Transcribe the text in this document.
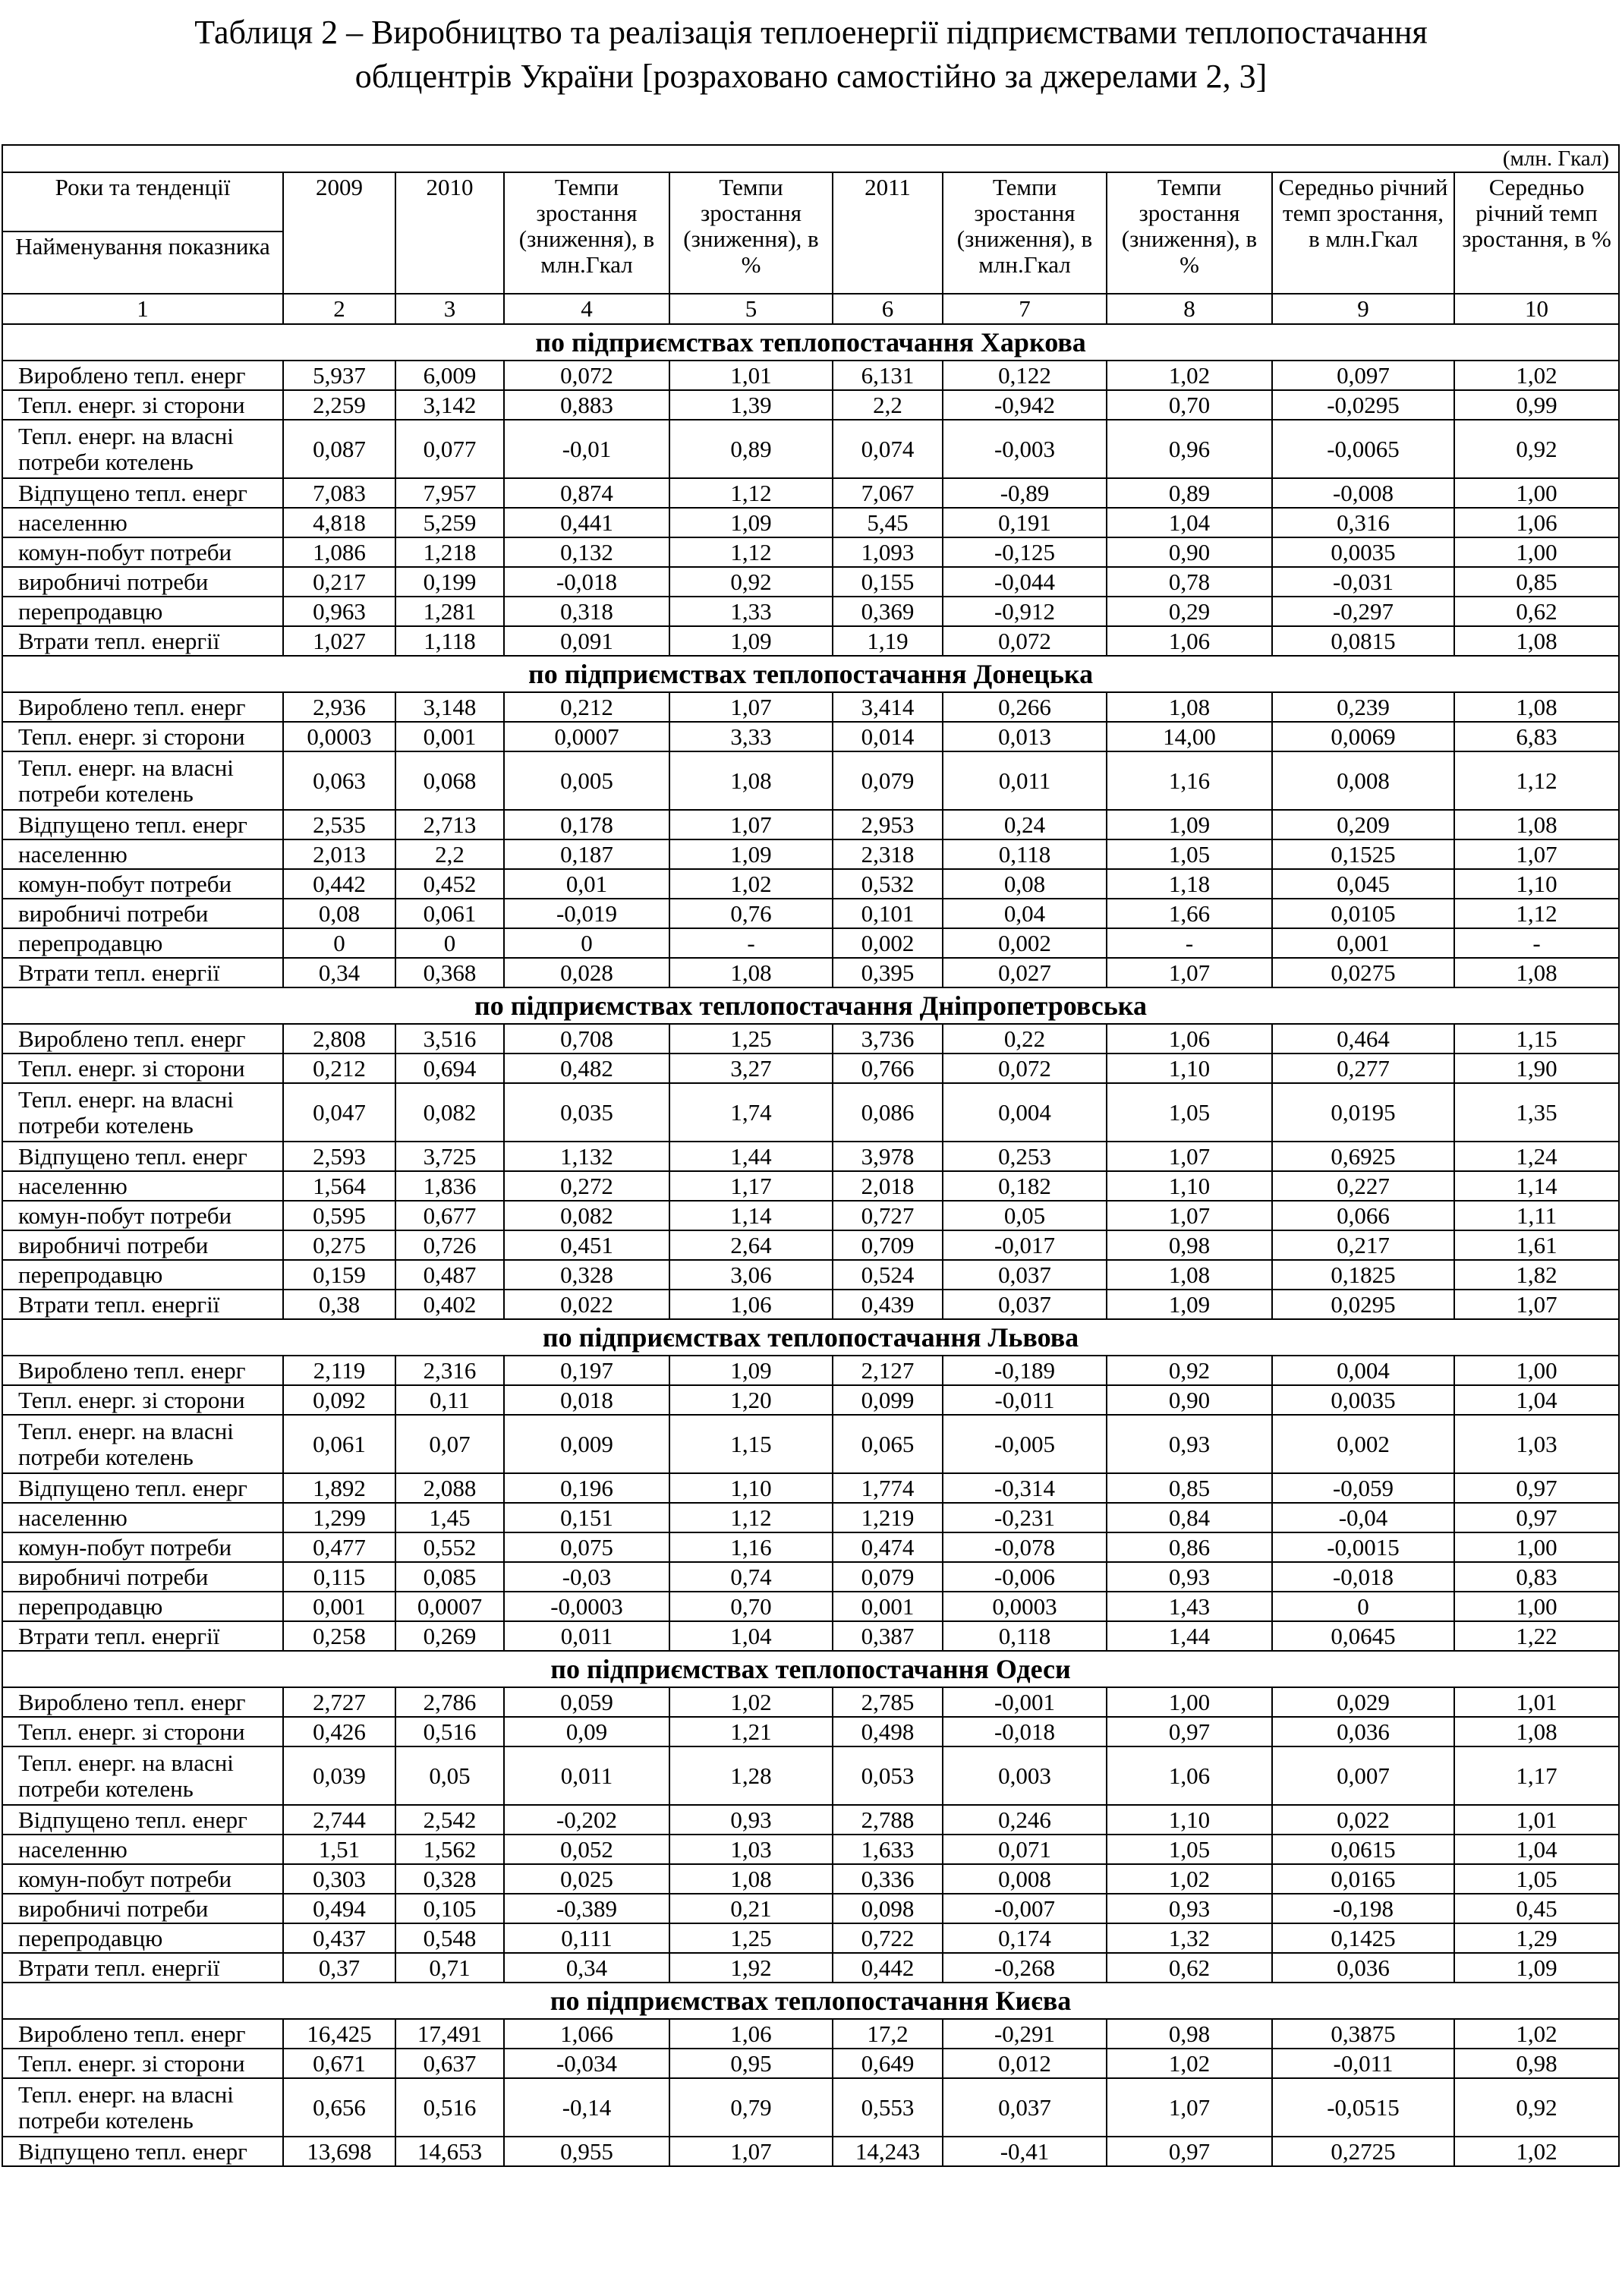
Таблиця 2 – Виробництво та реалізація теплоенергії підприємствами теплопостачання
облцентрів України [розраховано самостійно за джерелами 2, 3]
(млн. Гкал)									
Роки та тенденції	2009	2010	Темпи зростання (зниження), в млн.Гкал	Темпи зростання (зниження), в %	2011	Темпи зростання (зниження), в млн.Гкал	Темпи зростання (зниження), в %	Середньо річний темп зростання, в млн.Гкал	Середньо річний темп зростання, в %
Найменування показника									
1	2	3	4	5	6	7	8	9	10
по підприємствах теплопостачання Харкова									
Вироблено тепл. енерг	5,937	6,009	0,072	1,01	6,131	0,122	1,02	0,097	1,02
Тепл. енерг. зі сторони	2,259	3,142	0,883	1,39	2,2	-0,942	0,70	-0,0295	0,99
Тепл. енерг. на власні потреби котелень	0,087	0,077	-0,01	0,89	0,074	-0,003	0,96	-0,0065	0,92
Відпущено тепл. енерг	7,083	7,957	0,874	1,12	7,067	-0,89	0,89	-0,008	1,00
населенню	4,818	5,259	0,441	1,09	5,45	0,191	1,04	0,316	1,06
комун-побут потреби	1,086	1,218	0,132	1,12	1,093	-0,125	0,90	0,0035	1,00
виробничі потреби	0,217	0,199	-0,018	0,92	0,155	-0,044	0,78	-0,031	0,85
перепродавцю	0,963	1,281	0,318	1,33	0,369	-0,912	0,29	-0,297	0,62
Втрати тепл. енергії	1,027	1,118	0,091	1,09	1,19	0,072	1,06	0,0815	1,08
по підприємствах теплопостачання Донецька									
Вироблено тепл. енерг	2,936	3,148	0,212	1,07	3,414	0,266	1,08	0,239	1,08
Тепл. енерг. зі сторони	0,0003	0,001	0,0007	3,33	0,014	0,013	14,00	0,0069	6,83
Тепл. енерг. на власні потреби котелень	0,063	0,068	0,005	1,08	0,079	0,011	1,16	0,008	1,12
Відпущено тепл. енерг	2,535	2,713	0,178	1,07	2,953	0,24	1,09	0,209	1,08
населенню	2,013	2,2	0,187	1,09	2,318	0,118	1,05	0,1525	1,07
комун-побут потреби	0,442	0,452	0,01	1,02	0,532	0,08	1,18	0,045	1,10
виробничі потреби	0,08	0,061	-0,019	0,76	0,101	0,04	1,66	0,0105	1,12
перепродавцю	0	0	0	-	0,002	0,002	-	0,001	-
Втрати тепл. енергії	0,34	0,368	0,028	1,08	0,395	0,027	1,07	0,0275	1,08
по підприємствах теплопостачання Дніпропетровська									
Вироблено тепл. енерг	2,808	3,516	0,708	1,25	3,736	0,22	1,06	0,464	1,15
Тепл. енерг. зі сторони	0,212	0,694	0,482	3,27	0,766	0,072	1,10	0,277	1,90
Тепл. енерг. на власні потреби котелень	0,047	0,082	0,035	1,74	0,086	0,004	1,05	0,0195	1,35
Відпущено тепл. енерг	2,593	3,725	1,132	1,44	3,978	0,253	1,07	0,6925	1,24
населенню	1,564	1,836	0,272	1,17	2,018	0,182	1,10	0,227	1,14
комун-побут потреби	0,595	0,677	0,082	1,14	0,727	0,05	1,07	0,066	1,11
виробничі потреби	0,275	0,726	0,451	2,64	0,709	-0,017	0,98	0,217	1,61
перепродавцю	0,159	0,487	0,328	3,06	0,524	0,037	1,08	0,1825	1,82
Втрати тепл. енергії	0,38	0,402	0,022	1,06	0,439	0,037	1,09	0,0295	1,07
по підприємствах теплопостачання Львова									
Вироблено тепл. енерг	2,119	2,316	0,197	1,09	2,127	-0,189	0,92	0,004	1,00
Тепл. енерг. зі сторони	0,092	0,11	0,018	1,20	0,099	-0,011	0,90	0,0035	1,04
Тепл. енерг. на власні потреби котелень	0,061	0,07	0,009	1,15	0,065	-0,005	0,93	0,002	1,03
Відпущено тепл. енерг	1,892	2,088	0,196	1,10	1,774	-0,314	0,85	-0,059	0,97
населенню	1,299	1,45	0,151	1,12	1,219	-0,231	0,84	-0,04	0,97
комун-побут потреби	0,477	0,552	0,075	1,16	0,474	-0,078	0,86	-0,0015	1,00
виробничі потреби	0,115	0,085	-0,03	0,74	0,079	-0,006	0,93	-0,018	0,83
перепродавцю	0,001	0,0007	-0,0003	0,70	0,001	0,0003	1,43	0	1,00
Втрати тепл. енергії	0,258	0,269	0,011	1,04	0,387	0,118	1,44	0,0645	1,22
по підприємствах теплопостачання Одеси									
Вироблено тепл. енерг	2,727	2,786	0,059	1,02	2,785	-0,001	1,00	0,029	1,01
Тепл. енерг. зі сторони	0,426	0,516	0,09	1,21	0,498	-0,018	0,97	0,036	1,08
Тепл. енерг. на власні потреби котелень	0,039	0,05	0,011	1,28	0,053	0,003	1,06	0,007	1,17
Відпущено тепл. енерг	2,744	2,542	-0,202	0,93	2,788	0,246	1,10	0,022	1,01
населенню	1,51	1,562	0,052	1,03	1,633	0,071	1,05	0,0615	1,04
комун-побут потреби	0,303	0,328	0,025	1,08	0,336	0,008	1,02	0,0165	1,05
виробничі потреби	0,494	0,105	-0,389	0,21	0,098	-0,007	0,93	-0,198	0,45
перепродавцю	0,437	0,548	0,111	1,25	0,722	0,174	1,32	0,1425	1,29
Втрати тепл. енергії	0,37	0,71	0,34	1,92	0,442	-0,268	0,62	0,036	1,09
по підприємствах теплопостачання Києва									
Вироблено тепл. енерг	16,425	17,491	1,066	1,06	17,2	-0,291	0,98	0,3875	1,02
Тепл. енерг. зі сторони	0,671	0,637	-0,034	0,95	0,649	0,012	1,02	-0,011	0,98
Тепл. енерг. на власні потреби котелень	0,656	0,516	-0,14	0,79	0,553	0,037	1,07	-0,0515	0,92
Відпущено тепл. енерг	13,698	14,653	0,955	1,07	14,243	-0,41	0,97	0,2725	1,02
